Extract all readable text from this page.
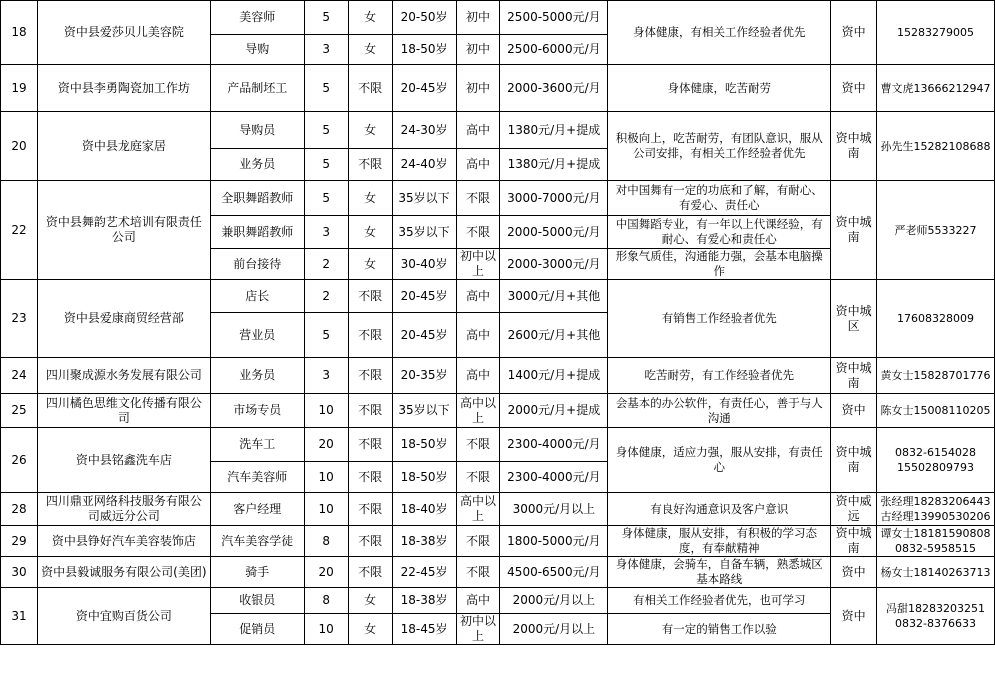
18	资中县爱莎贝儿美容院	美容师	5	女	20-50岁	初中	2500-5000元/月	身体健康，有相关工作经验者优先	资中	15283279005
		导购	3	女	18-50岁	初中	2500-6000元/月			
19	资中县李勇陶瓷加工作坊	产品制坯工	5	不限	20-45岁	初中	2000-3600元/月	身体健康，吃苦耐劳	资中	曹文虎13666212947
20	资中县龙庭家居	导购员	5	女	24-30岁	高中	1380元/月+提成	积极向上，吃苦耐劳，有团队意识，服从公司安排，有相关工作经验者优先	资中城南	孙先生15282108688
		业务员	5	不限	24-40岁	高中	1380元/月+提成			
22	资中县舞韵艺术培训有限责任公司	全职舞蹈教师	5	女	35岁以下	不限	3000-7000元/月	对中国舞有一定的功底和了解，有耐心、有爱心、责任心	资中城南	严老师5533227
		兼职舞蹈教师	3	女	35岁以下	不限	2000-5000元/月	中国舞蹈专业，有一年以上代课经验，有耐心、有爱心和责任心		
		前台接待	2	女	30-40岁	初中以上	2000-3000元/月	形象气质佳，沟通能力强，会基本电脑操作		
23	资中县爱康商贸经营部	店长	2	不限	20-45岁	高中	3000元/月+其他	有销售工作经验者优先	资中城区	17608328009
		营业员	5	不限	20-45岁	高中	2600元/月+其他			
24	四川聚成源水务发展有限公司	业务员	3	不限	20-35岁	高中	1400元/月+提成	吃苦耐劳，有工作经验者优先	资中城南	黄女士15828701776
25	四川橘色思维文化传播有限公司	市场专员	10	不限	35岁以下	高中以上	2000元/月+提成	会基本的办公软件，有责任心，善于与人沟通	资中	陈女士15008110205
26	资中县铭鑫洗车店	洗车工	20	不限	18-50岁	不限	2300-4000元/月	身体健康，适应力强，服从安排，有责任心	资中城南	0832-6154028
15502809793
		汽车美容师	10	不限	18-50岁	不限	2300-4000元/月			
28	四川鼎亚网络科技服务有限公司威远分公司	客户经理	10	不限	18-40岁	高中以上	3000元/月以上	有良好沟通意识及客户意识	资中威远	张经理18283206443
古经理13990530206
29	资中县铮好汽车美容装饰店	汽车美容学徒	8	不限	18-38岁	不限	1800-5000元/月	身体健康，服从安排，有积极的学习态度，有奉献精神	资中城南	谭女士18181590808
0832-5958515
30	资中县毅诚服务有限公司(美团)	骑手	20	不限	22-45岁	不限	4500-6500元/月	身体健康，会骑车，自备车辆，熟悉城区基本路线	资中	杨女士18140263713
31	资中宜购百货公司	收银员	8	女	18-38岁	高中	2000元/月以上	有相关工作经验者优先，也可学习	资中	冯甜18283203251
0832-8376633
		促销员	10	女	18-45岁	初中以上	2000元/月以上	有一定的销售工作以验		
